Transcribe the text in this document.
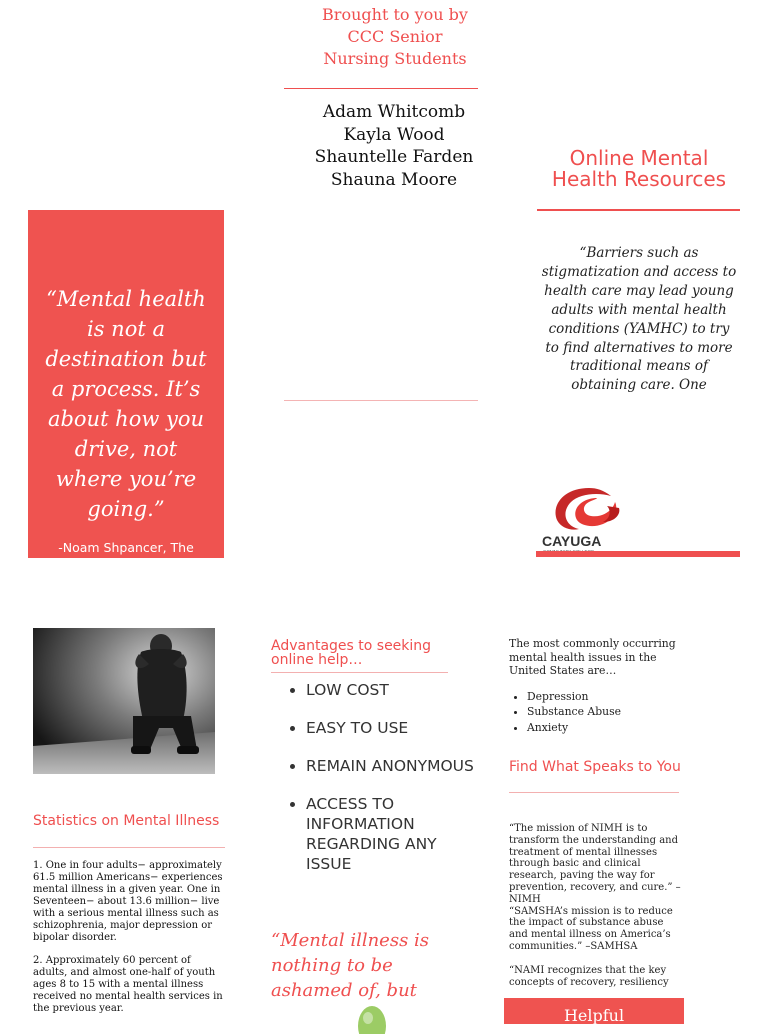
Brought to you by
CCC Senior
Nursing Students
Adam Whitcomb
Kayla Wood
Shauntelle Farden
Shauna Moore
“Mental health is not a destination but a process. It’s about how you drive, not where you’re going.”
-Noam Shpancer, The
Online Mental Health Resources
“Barriers such as stigmatization and access to health care may lead young adults with mental health conditions (YAMHC) to try to find alternatives to more traditional means of obtaining care. One
CAYUGA
Statistics on Mental Illness
1. One in four adults− approximately 61.5 million Americans− experiences mental illness in a given year. One in Seventeen− about 13.6 million− live with a serious mental illness such as schizophrenia, major depression or bipolar disorder.
2. Approximately 60 percent of adults, and almost one-half of youth ages 8 to 15 with a mental illness received no mental health services in the previous year.
Advantages to seeking online help…
• LOW COST
• EASY TO USE
• REMAIN ANONYMOUS
• ACCESS TO INFORMATION REGARDING ANY ISSUE
“Mental illness is nothing to be ashamed of, but
The most commonly occurring mental health issues in the United States are…
• Depression
• Substance Abuse
• Anxiety
Find What Speaks to You

“The mission of NIMH is to transform the understanding and treatment of mental illnesses through basic and clinical research, paving the way for prevention, recovery, and cure.” –NIMH

“SAMSHA’s mission is to reduce the impact of substance abuse and mental illness on America’s communities.” –SAMHSA

“NAMI recognizes that the key concepts of recovery, resiliency

Helpful
